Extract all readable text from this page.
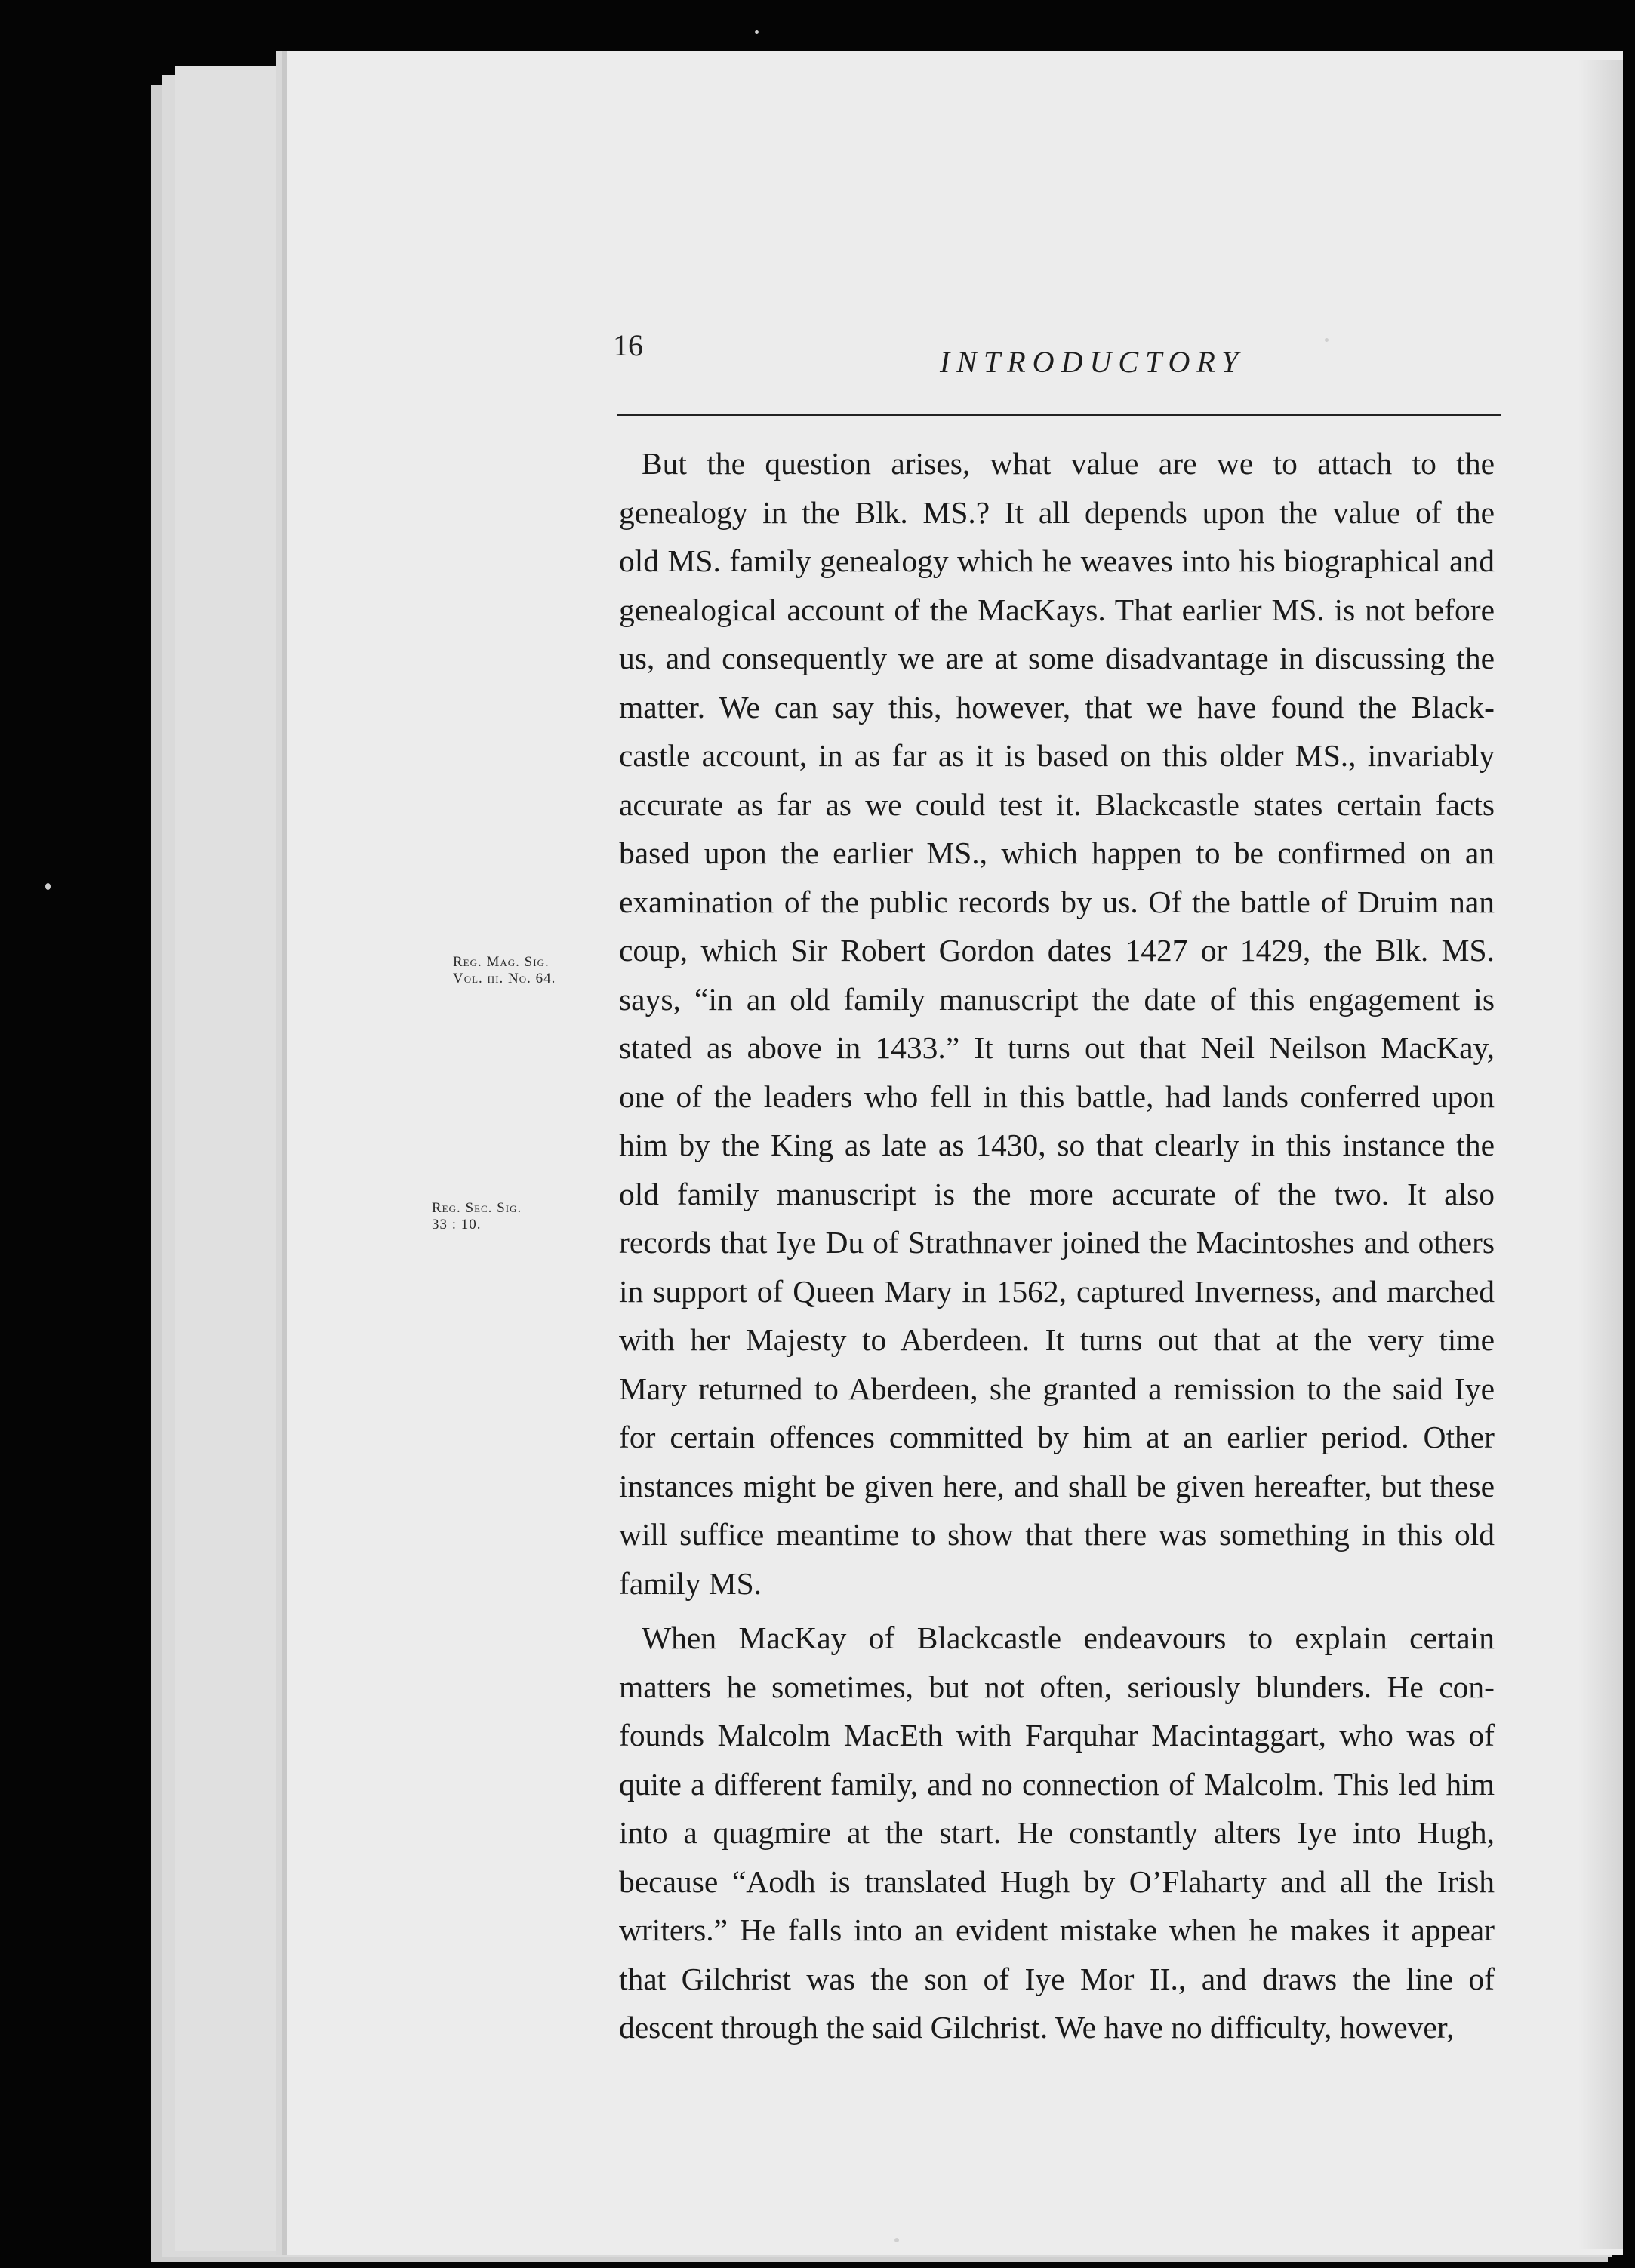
16	INTRODUCTORY
Reg. Mag. Sig.
Vol. iii. No. 64.
Reg. Sec. Sig.
33 : 10.
But the question arises, what value are we to attach to the
genealogy in the Blk. MS.? It all depends upon the value of the
old MS. family genealogy which he weaves into his biographical and
genealogical account of the MacKays. That earlier MS. is not before
us, and consequently we are at some disadvantage in discussing the
matter. We can say this, however, that we have found the Black-
castle account, in as far as it is based on this older MS., invariably
accurate as far as we could test it. Blackcastle states certain facts
based upon the earlier MS., which happen to be confirmed on an
examination of the public records by us. Of the battle of Druim nan
coup, which Sir Robert Gordon dates 1427 or 1429, the Blk. MS.
says, “in an old family manuscript the date of this engagement is
stated as above in 1433.” It turns out that Neil Neilson MacKay,
one of the leaders who fell in this battle, had lands conferred upon
him by the King as late as 1430, so that clearly in this instance the
old family manuscript is the more accurate of the two. It also
records that Iye Du of Strathnaver joined the Macintoshes and others
in support of Queen Mary in 1562, captured Inverness, and marched
with her Majesty to Aberdeen. It turns out that at the very time
Mary returned to Aberdeen, she granted a remission to the said Iye
for certain offences committed by him at an earlier period. Other
instances might be given here, and shall be given hereafter, but these
will suffice meantime to show that there was something in this old
family MS.
When MacKay of Blackcastle endeavours to explain certain
matters he sometimes, but not often, seriously blunders. He con-
founds Malcolm MacEth with Farquhar Macintaggart, who was of
quite a different family, and no connection of Malcolm. This led him
into a quagmire at the start. He constantly alters Iye into Hugh,
because “Aodh is translated Hugh by O’Flaharty and all the Irish
writers.” He falls into an evident mistake when he makes it appear
that Gilchrist was the son of Iye Mor II., and draws the line of
descent through the said Gilchrist. We have no difficulty, however,
